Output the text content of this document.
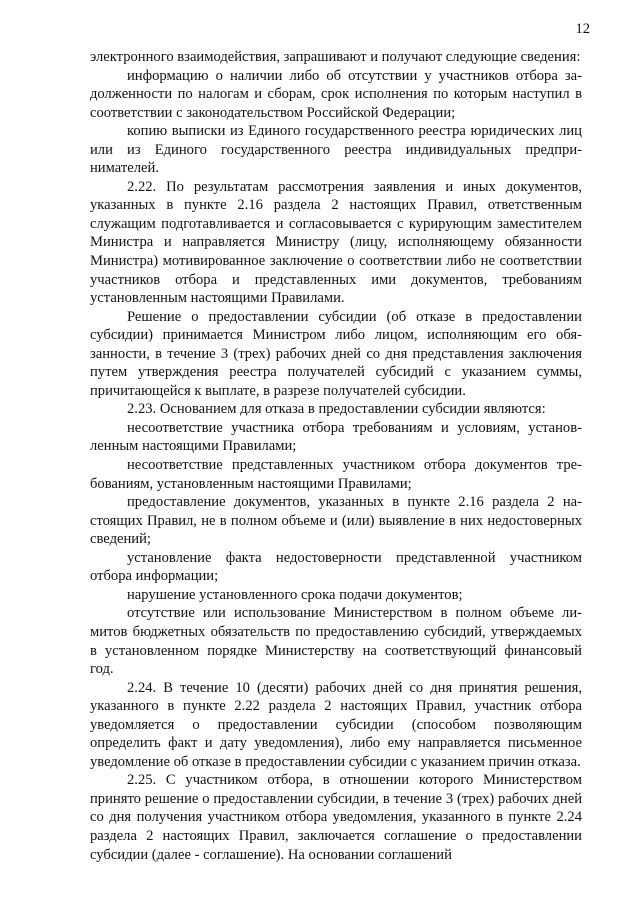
12

электронного взаимодействия, запрашивают и получают следующие сведения:

информацию о наличии либо об отсутствии у участников отбора задолженности по налогам и сборам, срок исполнения по которым наступил в соответствии с законодательством Российской Федерации;

копию выписки из Единого государственного реестра юридических лиц или из Единого государственного реестра индивидуальных предпринимателей.

2.22. По результатам рассмотрения заявления и иных документов, указанных в пункте 2.16 раздела 2 настоящих Правил, ответственным служащим подготавливается и согласовывается с курирующим заместителем Министра и направляется Министру (лицу, исполняющему обязанности Министра) мотивированное заключение о соответствии либо не соответствии участников отбора и представленных ими документов, требованиям установленным настоящими Правилами.

Решение о предоставлении субсидии (об отказе в предоставлении субсидии) принимается Министром либо лицом, исполняющим его обязанности, в течение 3 (трех) рабочих дней со дня представления заключения путем утверждения реестра получателей субсидий с указанием суммы, причитающейся к выплате, в разрезе получателей субсидии.

2.23. Основанием для отказа в предоставлении субсидии являются:

несоответствие участника отбора требованиям и условиям, установленным настоящими Правилами;

несоответствие представленных участником отбора документов требованиям, установленным настоящими Правилами;

предоставление документов, указанных в пункте 2.16 раздела 2 настоящих Правил, не в полном объеме и (или) выявление в них недостоверных сведений;

установление факта недостоверности представленной участником отбора информации;

нарушение установленного срока подачи документов;

отсутствие или использование Министерством в полном объеме лимитов бюджетных обязательств по предоставлению субсидий, утверждаемых в установленном порядке Министерству на соответствующий финансовый год.

2.24. В течение 10 (десяти) рабочих дней со дня принятия решения, указанного в пункте 2.22 раздела 2 настоящих Правил, участник отбора уведомляется о предоставлении субсидии (способом позволяющим определить факт и дату уведомления), либо ему направляется письменное уведомление об отказе в предоставлении субсидии с указанием причин отказа.

2.25. С участником отбора, в отношении которого Министерством принято решение о предоставлении субсидии, в течение 3 (трех) рабочих дней со дня получения участником отбора уведомления, указанного в пункте 2.24 раздела 2 настоящих Правил, заключается соглашение о предоставлении субсидии (далее - соглашение). На основании соглашений
